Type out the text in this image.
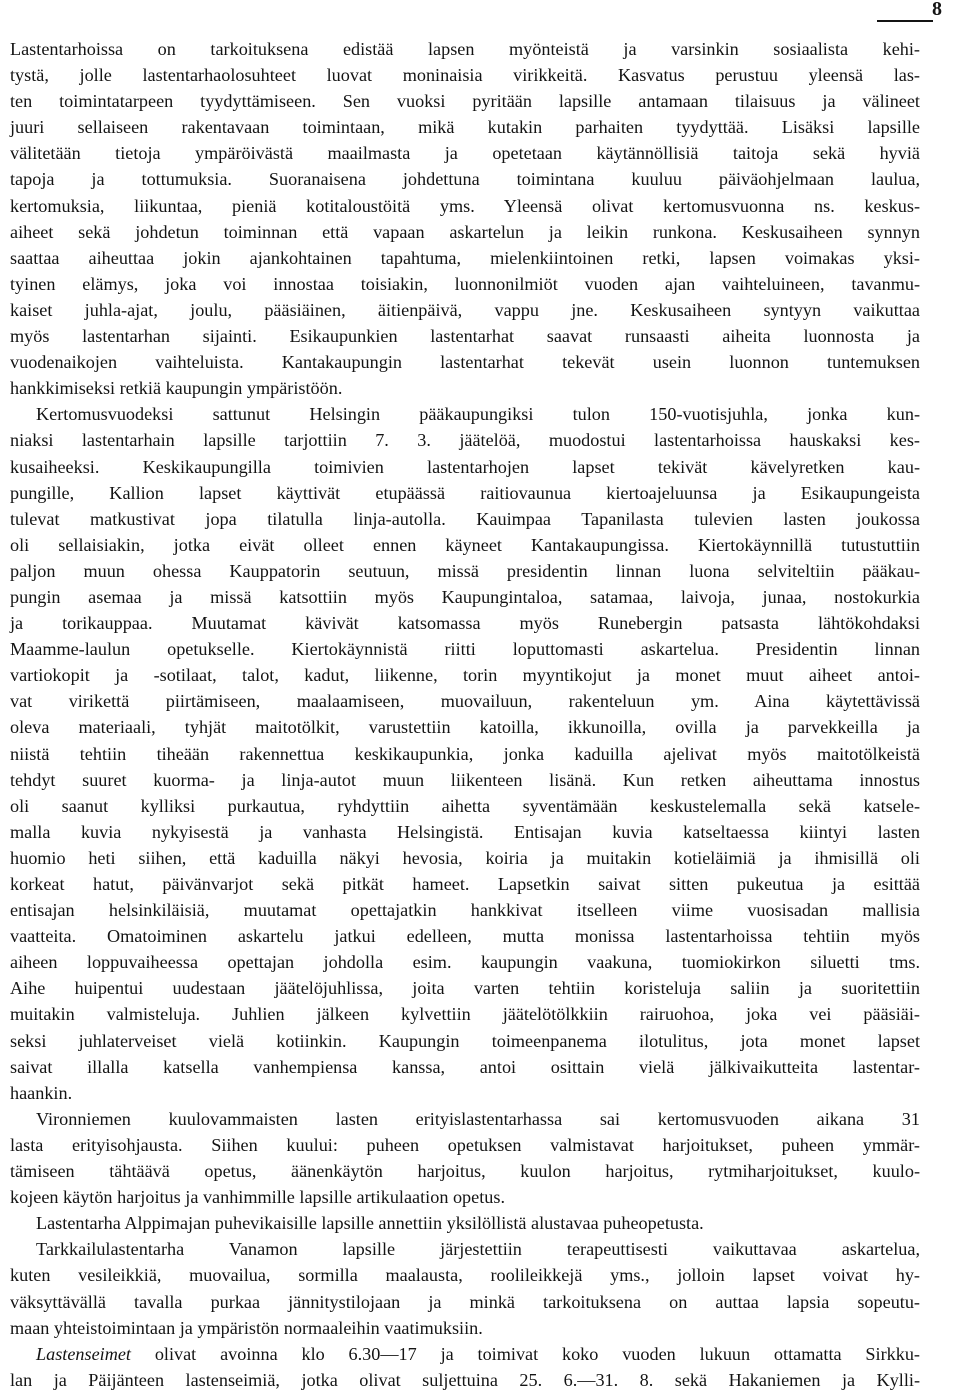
8
Lastentarhoissa on tarkoituksena edistää lapsen myönteistä ja varsinkin sosiaalista kehi-
tystä, jolle lastentarhaolosuhteet luovat moninaisia virikkeitä. Kasvatus perustuu yleensä las-
ten toimintatarpeen tyydyttämiseen. Sen vuoksi pyritään lapsille antamaan tilaisuus ja välineet
juuri sellaiseen rakentavaan toimintaan, mikä kutakin parhaiten tyydyttää. Lisäksi lapsille
välitetään tietoja ympäröivästä maailmasta ja opetetaan käytännöllisiä taitoja sekä hyviä
tapoja ja tottumuksia. Suoranaisena johdettuna toimintana kuuluu päiväohjelmaan laulua,
kertomuksia, liikuntaa, pieniä kotitaloustöitä yms. Yleensä olivat kertomusvuonna ns. keskus-
aiheet sekä johdetun toiminnan että vapaan askartelun ja leikin runkona. Keskusaiheen synnyn
saattaa aiheuttaa jokin ajankohtainen tapahtuma, mielenkiintoinen retki, lapsen voimakas yksi-
tyinen elämys, joka voi innostaa toisiakin, luonnonilmiöt vuoden ajan vaihteluineen, tavanmu-
kaiset juhla-ajat, joulu, pääsiäinen, äitienpäivä, vappu jne. Keskusaiheen syntyyn vaikuttaa
myös lastentarhan sijainti. Esikaupunkien lastentarhat saavat runsaasti aiheita luonnosta ja
vuodenaikojen vaihteluista. Kantakaupungin lastentarhat tekevät usein luonnon tuntemuksen
hankkimiseksi retkiä kaupungin ympäristöön.
Kertomusvuodeksi sattunut Helsingin pääkaupungiksi tulon 150-vuotisjuhla, jonka kun-
niaksi lastentarhain lapsille tarjottiin 7. 3. jäätelöä, muodostui lastentarhoissa hauskaksi kes-
kusaiheeksi. Keskikaupungilla toimivien lastentarhojen lapset tekivät kävelyretken kau-
pungille, Kallion lapset käyttivät etupäässä raitiovaunua kiertoajeluunsa ja Esikaupungeista
tulevat matkustivat jopa tilatulla linja-autolla. Kauimpaa Tapanilasta tulevien lasten joukossa
oli sellaisiakin, jotka eivät olleet ennen käyneet Kantakaupungissa. Kiertokäynnillä tutustuttiin
paljon muun ohessa Kauppatorin seutuun, missä presidentin linnan luona selviteltiin pääkau-
pungin asemaa ja missä katsottiin myös Kaupungintaloa, satamaa, laivoja, junaa, nostokurkia
ja torikauppaa. Muutamat kävivät katsomassa myös Runebergin patsasta lähtökohdaksi
Maamme-laulun opetukselle. Kiertokäynnistä riitti loputtomasti askartelua. Presidentin linnan
vartiokopit ja -sotilaat, talot, kadut, liikenne, torin myyntikojut ja monet muut aiheet antoi-
vat virikettä piirtämiseen, maalaamiseen, muovailuun, rakenteluun ym. Aina käytettävissä
oleva materiaali, tyhjät maitotölkit, varustettiin katoilla, ikkunoilla, ovilla ja parvekkeilla ja
niistä tehtiin tiheään rakennettua keskikaupunkia, jonka kaduilla ajelivat myös maitotölkeistä
tehdyt suuret kuorma- ja linja-autot muun liikenteen lisänä. Kun retken aiheuttama innostus
oli saanut kylliksi purkautua, ryhdyttiin aihetta syventämään keskustelemalla sekä katsele-
malla kuvia nykyisestä ja vanhasta Helsingistä. Entisajan kuvia katseltaessa kiintyi lasten
huomio heti siihen, että kaduilla näkyi hevosia, koiria ja muitakin kotieläimiä ja ihmisillä oli
korkeat hatut, päivänvarjot sekä pitkät hameet. Lapsetkin saivat sitten pukeutua ja esittää
entisajan helsinkiläisiä, muutamat opettajatkin hankkivat itselleen viime vuosisadan mallisia
vaatteita. Omatoiminen askartelu jatkui edelleen, mutta monissa lastentarhoissa tehtiin myös
aiheen loppuvaiheessa opettajan johdolla esim. kaupungin vaakuna, tuomiokirkon siluetti tms.
Aihe huipentui uudestaan jäätelöjuhlissa, joita varten tehtiin koristeluja saliin ja suoritettiin
muitakin valmisteluja. Juhlien jälkeen kylvettiin jäätelötölkkiin rairuohoa, joka vei pääsiäi-
seksi juhlaterveiset vielä kotiinkin. Kaupungin toimeenpanema ilotulitus, jota monet lapset
saivat illalla katsella vanhempiensa kanssa, antoi osittain vielä jälkivaikutteita lastentar-
haankin.
Vironniemen kuulovammaisten lasten erityislastentarhassa sai kertomusvuoden aikana 31
lasta erityisohjausta. Siihen kuului: puheen opetuksen valmistavat harjoitukset, puheen ymmär-
tämiseen tähtäävä opetus, äänenkäytön harjoitus, kuulon harjoitus, rytmiharjoitukset, kuulo-
kojeen käytön harjoitus ja vanhimmille lapsille artikulaation opetus.
Lastentarha Alppimajan puhevikaisille lapsille annettiin yksilöllistä alustavaa puheopetusta.
Tarkkailulastentarha Vanamon lapsille järjestettiin terapeuttisesti vaikuttavaa askartelua,
kuten vesileikkiä, muovailua, sormilla maalausta, roolileikkejä yms., jolloin lapset voivat hy-
väksyttävällä tavalla purkaa jännitystilojaan ja minkä tarkoituksena on auttaa lapsia sopeutu-
maan yhteistoimintaan ja ympäristön normaaleihin vaatimuksiin.
Lastenseimet olivat avoinna klo 6.30—17 ja toimivat koko vuoden lukuun ottamatta Sirkku-
lan ja Päijänteen lastenseimiä, jotka olivat suljettuina 25. 6.—31. 8. sekä Hakaniemen ja Kylli-
